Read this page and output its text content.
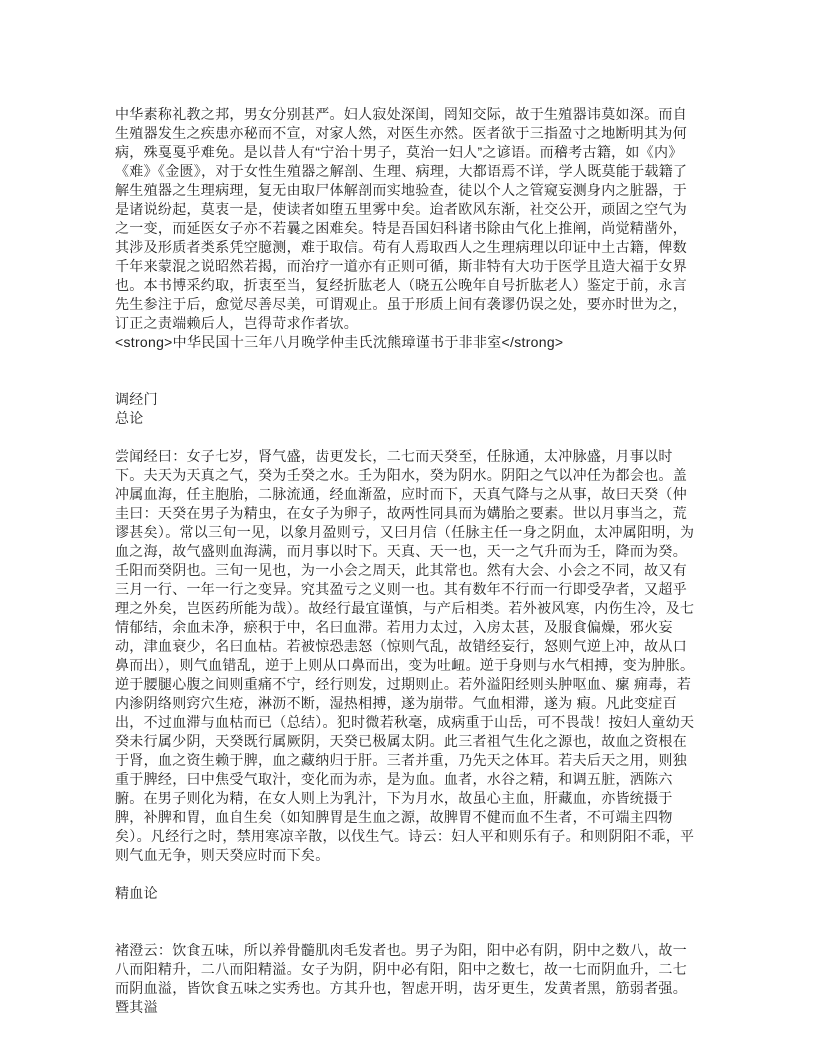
中华素称礼教之邦，男女分别甚严。妇人寂处深闺，罔知交际，故于生殖器讳莫如深。而自生殖器发生之疾患亦秘而不宣，对家人然，对医生亦然。医者欲于三指盈寸之地断明其为何病，殊戛戛乎难免。是以昔人有“宁治十男子，莫治一妇人”之谚语。而稽考古籍，如《内》《难》《金匮》，对于女性生殖器之解剖、生理、病理，大都语焉不详，学人既莫能于载籍了解生殖器之生理病理，复无由取尸体解剖而实地验查，徒以个人之管窥妄测身内之脏器，于是诸说纷起，莫衷一是，使读者如堕五里雾中矣。迨者欧风东渐，社交公开，顽固之空气为之一变，而延医女子亦不若曩之困难矣。特是吾国妇科诸书除由气化上推阐，尚觉精凿外，其涉及形质者类系凭空臆测，难于取信。苟有人焉取西人之生理病理以印证中土古籍，俾数千年来蒙混之说昭然若揭，而治疗一道亦有正则可循，斯非特有大功于医学且造大福于女界也。本书博采约取，折衷至当，复经折肱老人（晓五公晚年自号折肱老人）鉴定于前，永言先生参注于后，愈觉尽善尽美，可谓观止。虽于形质上间有袭谬仍误之处，要亦时世为之，订正之责端赖后人，岂得苛求作者欤。

<strong>中华民国十三年八月晚学仲圭氏沈熊璋谨书于非非室</strong>

调经门

总论

尝闻经曰：女子七岁，肾气盛，齿更发长，二七而天癸至，任脉通，太冲脉盛，月事以时下。夫天为天真之气，癸为壬癸之水。壬为阳水，癸为阴水。阴阳之气以冲任为都会也。盖冲属血海，任主胞胎，二脉流通，经血渐盈，应时而下，天真气降与之从事，故曰天癸（仲圭曰：天癸在男子为精虫，在女子为卵子，故两性同具而为媾胎之要素。世以月事当之，荒谬甚矣）。常以三旬一见，以象月盈则亏，又曰月信（任脉主任一身之阴血，太冲属阳明，为血之海，故气盛则血海满，而月事以时下。天真、天一也，天一之气升而为壬，降而为癸。壬阳而癸阴也。三旬一见也，为一小会之周天，此其常也。然有大会、小会之不同，故又有三月一行、一年一行之变异。究其盈亏之义则一也。其有数年不行而一行即受孕者，又超乎理之外矣，岂医药所能为哉）。故经行最宜谨慎，与产后相类。若外被风寒，内伤生冷，及七情郁结，余血未净，瘀积于中，名曰血滞。若用力太过，入房太甚，及服食偏燥，邪火妄动，津血衰少，名曰血枯。若被惊恐恚怒（惊则气乱，故错经妄行，怒则气逆上冲，故从口鼻而出），则气血错乱，逆于上则从口鼻而出，变为吐衄。逆于身则与水气相搏，变为肿胀。逆于腰腿心腹之间则重痛不宁，经行则发，过期则止。若外溢阳经则头肿呕血、瘰 痈毒，若内渗阴络则窍穴生疮，淋沥不断，湿热相搏，遂为崩带。气血相滞，遂为 瘕。凡此变症百出，不过血滞与血枯而已（总结）。犯时微若秋毫，成病重于山岳，可不畏哉！按妇人童幼天癸未行属少阴，天癸既行属厥阴，天癸已极属太阴。此三者祖气生化之源也，故血之资根在于肾，血之资生赖于脾，血之藏纳归于肝。三者并重，乃先天之体耳。若夫后天之用，则独重于脾经，曰中焦受气取汁，变化而为赤，是为血。血者，水谷之精，和调五脏，洒陈六腑。在男子则化为精，在女人则上为乳汁，下为月水，故虽心主血，肝藏血，亦皆统摄于脾，补脾和胃，血自生矣（如知脾胃是生血之源，故脾胃不健而血不生者，不可端主四物矣）。凡经行之时，禁用寒凉辛散，以伐生气。诗云：妇人平和则乐有子。和则阴阳不乖，平则气血无争，则天癸应时而下矣。

精血论

褚澄云：饮食五味，所以养骨髓肌肉毛发者也。男子为阳，阳中必有阴，阴中之数八，故一八而阳精升，二八而阳精溢。女子为阴，阴中必有阳，阳中之数七，故一七而阴血升，二七而阴血溢，皆饮食五味之实秀也。方其升也，智虑开明，齿牙更生，发黄者黑，筋弱者强。暨其溢
